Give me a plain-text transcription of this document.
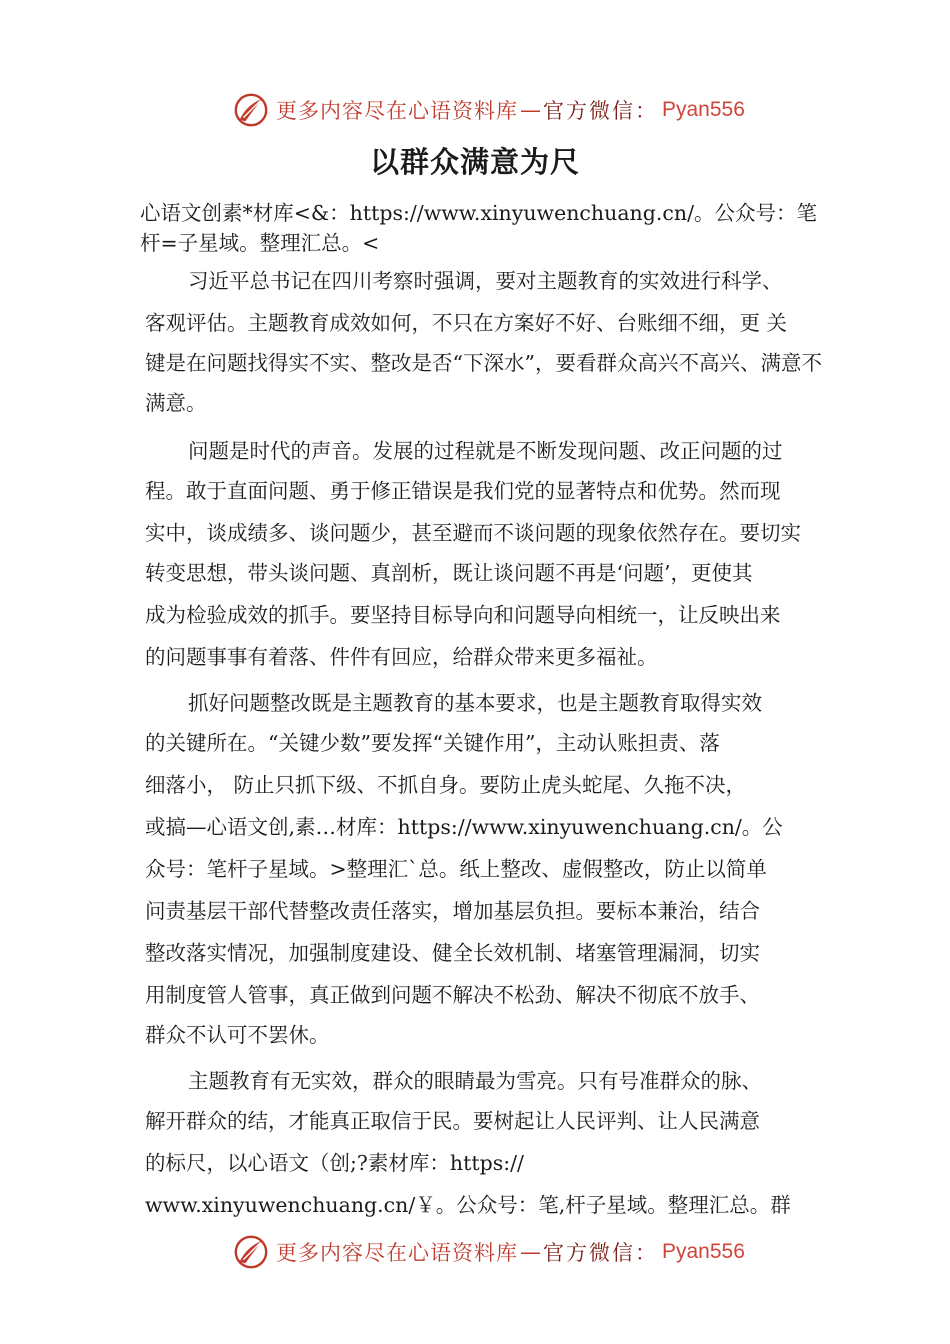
更多内容尽在心语资料库 — 官方微信： Pyan556
以群众满意为尺
心语文创素*材库<&：https://www.xinyuwenchuang.cn/。公众号：笔
杆=子星域。整理汇总。<
习近平总书记在四川考察时强调，要对主题教育的实效进行科学、
客观评估。主题教育成效如何，不只在方案好不好、台账细不细，更 关
键是在问题找得实不实、整改是否“下深水”，要看群众高兴不高兴、满意不
满意。
问题是时代的声音。发展的过程就是不断发现问题、改正问题的过
程。敢于直面问题、勇于修正错误是我们党的显著特点和优势。然而现
实中，谈成绩多、谈问题少，甚至避而不谈问题的现象依然存在。要切实
转变思想，带头谈问题、真剖析，既让谈问题不再是‘问题’，更使其
成为检验成效的抓手。要坚持目标导向和问题导向相统一，让反映出来
的问题事事有着落、件件有回应，给群众带来更多福祉。
抓好问题整改既是主题教育的基本要求，也是主题教育取得实效
的关键所在。“关键少数”要发挥“关键作用”，主动认账担责、落
细落小， 防止只抓下级、不抓自身。要防止虎头蛇尾、久拖不决，
或搞—心语文创,素…材库：https://www.xinyuwenchuang.cn/。公
众号：笔杆子星域。>整理汇`总。纸上整改、虚假整改，防止以简单
问责基层干部代替整改责任落实，增加基层负担。要标本兼治，结合
整改落实情况，加强制度建设、健全长效机制、堵塞管理漏洞，切实
用制度管人管事，真正做到问题不解决不松劲、解决不彻底不放手、
群众不认可不罢休。
主题教育有无实效，群众的眼睛最为雪亮。只有号准群众的脉、
解开群众的结，才能真正取信于民。要树起让人民评判、让人民满意
的标尺，以心语文（创;?素材库：https://
www.xinyuwenchuang.cn/￥。公众号：笔,杆子星域。整理汇总。群
更多内容尽在心语资料库 — 官方微信： Pyan556
